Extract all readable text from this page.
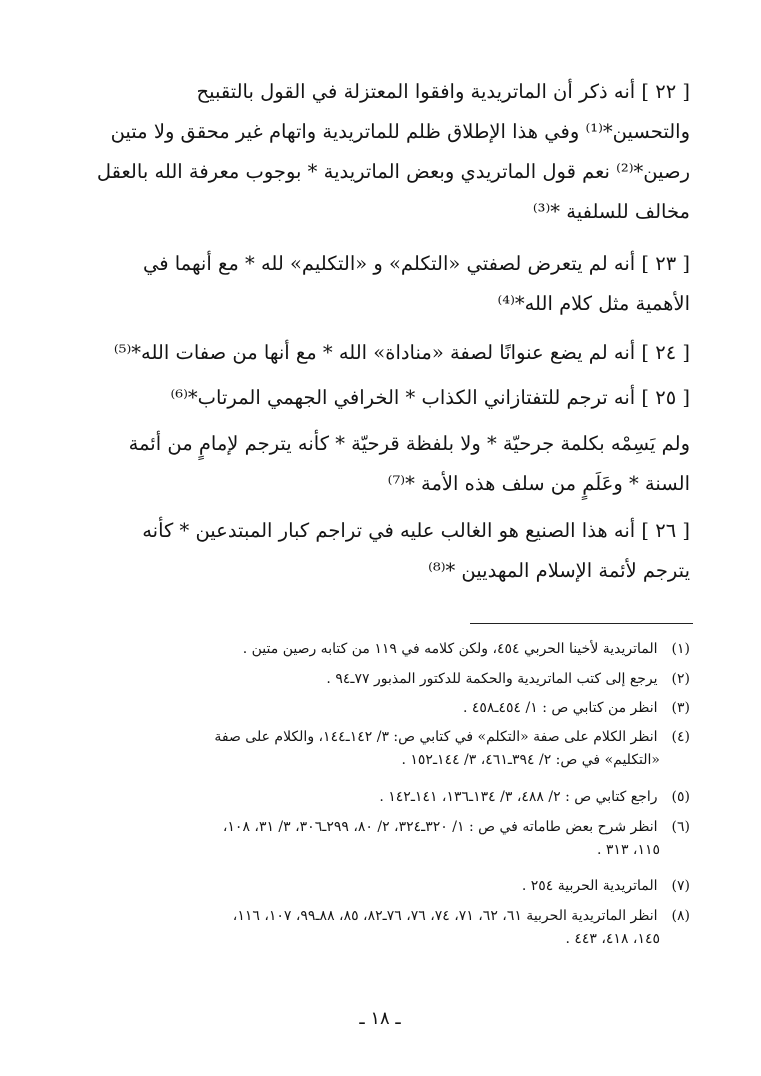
[ ٢٢ ] أنه ذكر أن الماتريدية وافقوا المعتزلة في القول بالتقبيح
والتحسين*⁽¹⁾ وفي هذا الإطلاق ظلم للماتريدية واتهام غير محقق ولا متين
رصين*⁽²⁾ نعم قول الماتريدي وبعض الماتريدية * بوجوب معرفة الله بالعقل
مخالف للسلفية *⁽³⁾
[ ٢٣ ] أنه لم يتعرض لصفتي «التكلم» و «التكليم» لله * مع أنهما في
الأهمية مثل كلام الله*⁽⁴⁾
[ ٢٤ ] أنه لم يضع عنوانًا لصفة «مناداة» الله * مع أنها من صفات الله*⁽⁵⁾
[ ٢٥ ] أنه ترجم للتفتازاني الكذاب * الخرافي الجهمي المرتاب*⁽⁶⁾
ولم يَسِمْه بكلمة جرحيّة * ولا بلفظة قرحيّة * كأنه يترجم لإمامٍ من أئمة
السنة * وعَلَمٍ من سلف هذه الأمة *⁽⁷⁾
[ ٢٦ ] أنه هذا الصنيع هو الغالب عليه في تراجم كبار المبتدعين * كأنه
يترجم لأئمة الإسلام المهديين *⁽⁸⁾
(١) الماتريدية لأخينا الحربي ٤٥٤، ولكن كلامه في ١١٩ من كتابه رصين متين .
(٢) يرجع إلى كتب الماتريدية والحكمة للدكتور المذبور ٧٧ـ٩٤ .
(٣) انظر من كتابي ص : ١/ ٤٥٤ـ٤٥٨ .
(٤) انظر الكلام على صفة «التكلم» في كتابي ص: ٣/ ١٤٢ـ١٤٤، والكلام على صفة
«التكليم» في ص: ٢/ ٣٩٤ـ٤٦١، ٣/ ١٤٤ـ١٥٢ .
(٥) راجع كتابي ص : ٢/ ٤٨٨، ٣/ ١٣٤ـ١٣٦، ١٤١ـ١٤٢ .
(٦) انظر شرح بعض طاماته في ص : ١/ ٣٢٠ـ٣٢٤، ٢/ ٨٠، ٢٩٩ـ٣٠٦، ٣/ ٣١، ١٠٨،
١١٥، ٣١٣ .
(٧) الماتريدية الحربية ٢٥٤ .
(٨) انظر الماتريدية الحربية ٦١، ٦٢، ٧١، ٧٤، ٧٦، ٧٦ـ٨٢، ٨٥، ٨٨ـ٩٩، ١٠٧، ١١٦،
١٤٥، ٤١٨، ٤٤٣ .
ـ ١٨ ـ
